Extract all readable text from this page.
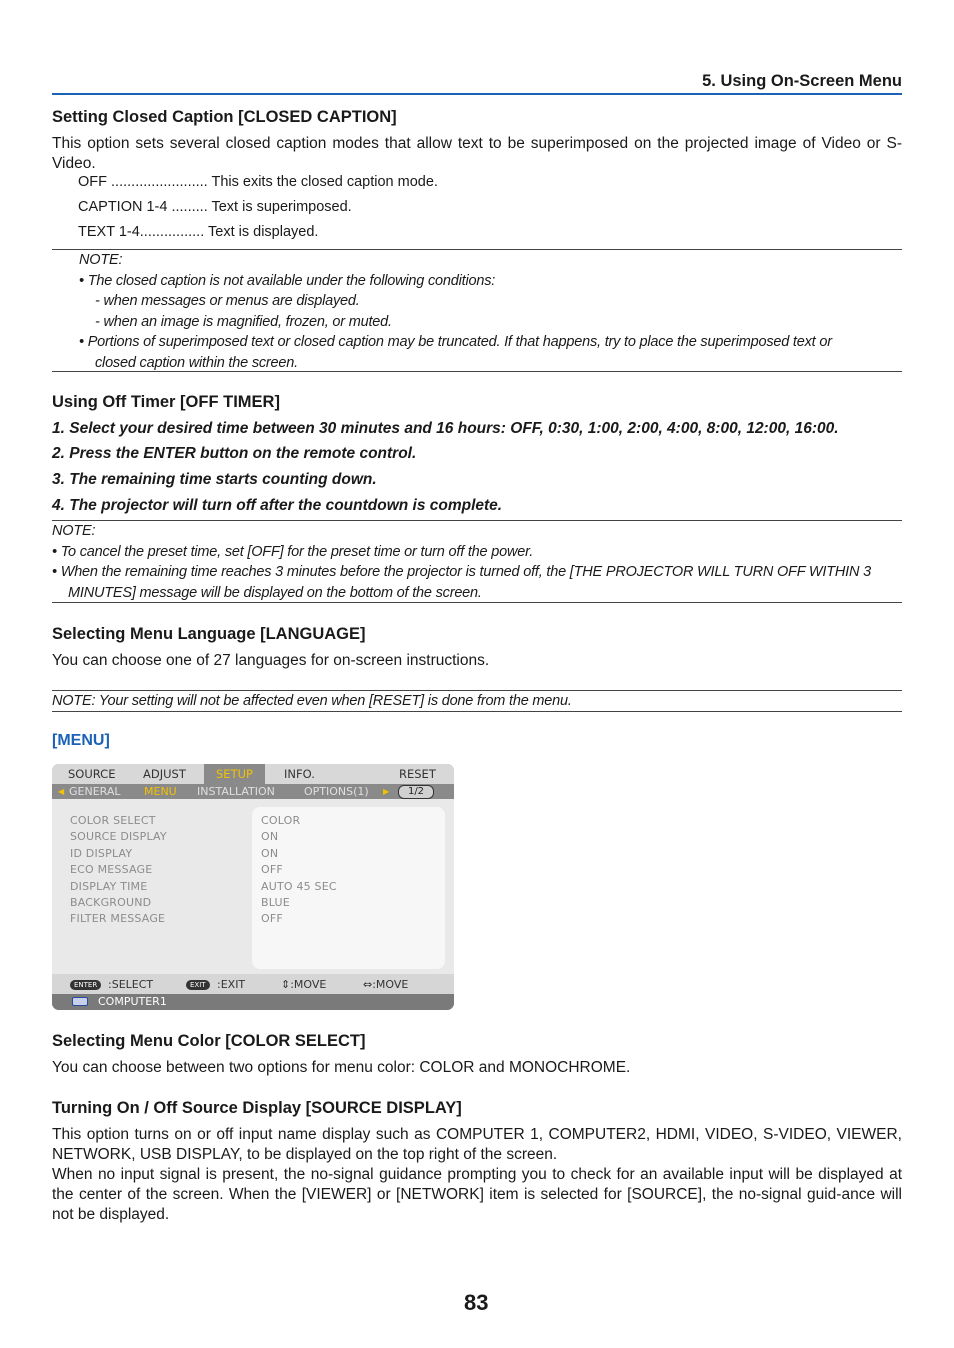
5. Using On-Screen Menu
Setting Closed Caption [CLOSED CAPTION]
This option sets several closed caption modes that allow text to be superimposed on the projected image of Video or S-Video.
OFF ........................ This exits the closed caption mode.
CAPTION 1-4 ......... Text is superimposed.
TEXT 1-4................ Text is displayed.
NOTE:
• The closed caption is not available under the following conditions:
- when messages or menus are displayed.
- when an image is magnified, frozen, or muted.
• Portions of superimposed text or closed caption may be truncated. If that happens, try to place the superimposed text or
closed caption within the screen.
Using Off Timer [OFF TIMER]
1. Select your desired time between 30 minutes and 16 hours: OFF, 0:30, 1:00, 2:00, 4:00, 8:00, 12:00, 16:00.
2. Press the ENTER button on the remote control.
3. The remaining time starts counting down.
4. The projector will turn off after the countdown is complete.
NOTE:
• To cancel the preset time, set [OFF] for the preset time or turn off the power.
• When the remaining time reaches 3 minutes before the projector is turned off, the [THE PROJECTOR WILL TURN OFF WITHIN 3
MINUTES] message will be displayed on the bottom of the screen.
Selecting Menu Language [LANGUAGE]
You can choose one of 27 languages for on-screen instructions.
NOTE: Your setting will not be affected even when [RESET] is done from the menu.
[MENU]
SOURCE ADJUST	SETUP	INFO.	RESET
◀ GENERAL MENU INSTALLATION	OPTIONS(1) ▶	1/2
COLOR SELECT	COLOR
SOURCE DISPLAY	ON
ID DISPLAY	ON
ECO MESSAGE	OFF
DISPLAY TIME	AUTO 45 SEC
BACKGROUND	BLUE
FILTER MESSAGE	OFF
ENTER :SELECT	EXIT	:EXIT	⇕:MOVE	⇔:MOVE
COMPUTER1
Selecting Menu Color [COLOR SELECT]
You can choose between two options for menu color: COLOR and MONOCHROME.
Turning On / Off Source Display [SOURCE DISPLAY]
This option turns on or off input name display such as COMPUTER 1, COMPUTER2, HDMI, VIDEO, S-VIDEO, VIEWER, NETWORK, USB DISPLAY, to be displayed on the top right of the screen.
When no input signal is present, the no-signal guidance prompting you to check for an available input will be displayed at the center of the screen. When the [VIEWER] or [NETWORK] item is selected for [SOURCE], the no-signal guid-ance will not be displayed.
83
